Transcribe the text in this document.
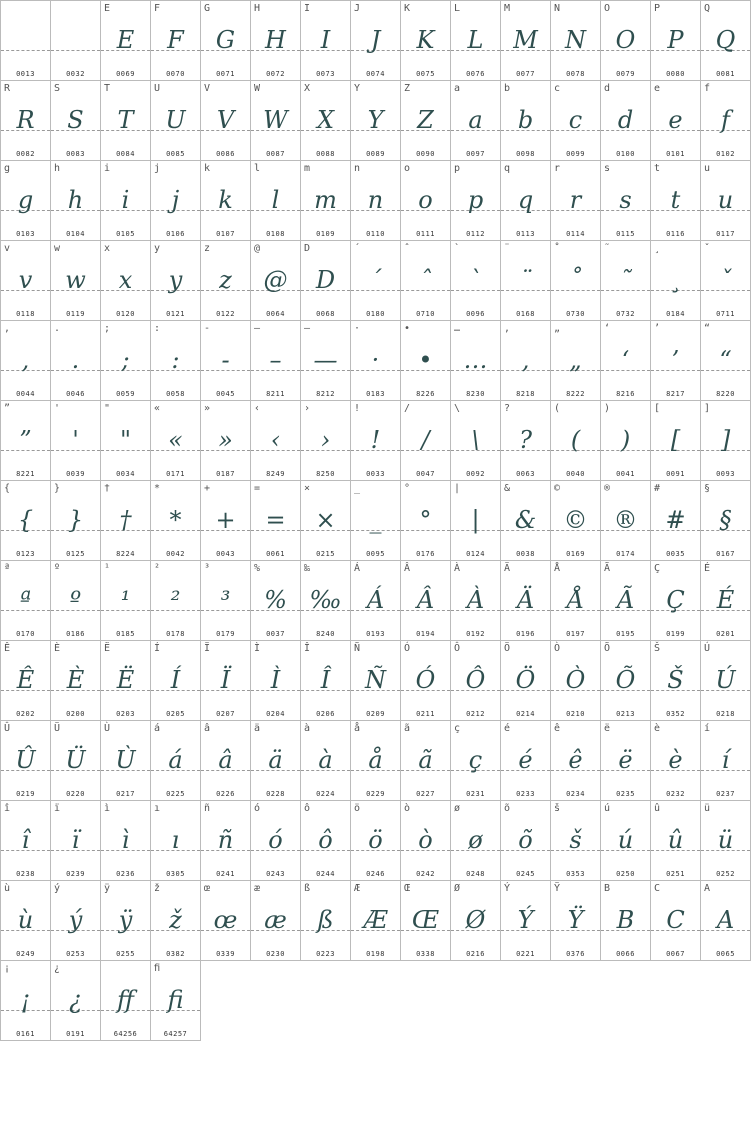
0013	0032
E
E
0069
F
F
0070
G
G
0071
H
H
0072
I
I
0073
J
J
0074
K
K
0075
L
L
0076
M
M
0077
N
N
0078
O
O
0079
P
P
0080
Q
Q
0081
R
R
0082
S
S
0083
T
T
0084
U
U
0085
V
V
0086
W
W
0087
X
X
0088
Y
Y
0089
Z
Z
0090
a
a
0097
b
b
0098
c
c
0099
d
d
0100
e
e
0101
f
f
0102
g
g
0103
h
h
0104
i
i
0105
j
j
0106
k
k
0107
l
l
0108
m
m
0109
n
n
0110
o
o
0111
p
p
0112
q
q
0113
r
r
0114
s
s
0115
t
t
0116
u
u
0117
v
v
0118
w
w
0119
x
x
0120
y
y
0121
z
z
0122
@
@
0064
D
D
0068
´
´
0180
ˆ
ˆ
0710
`
`
0096
¨
¨
0168
˚
˚
0730
˜
˜
0732
¸
¸
0184
ˇ
ˇ
0711
,
,
0044
.
.
0046
;
;
0059
:
:
0058
-
-
0045
–
–
8211
—
—
8212
·
·
0183
•
•
8226
…
…
8230
‚
‚
8218
„
„
8222
‘
‘
8216
’
’
8217
“
“
8220
”
”
8221
'
'
0039
"
"
0034
«
«
0171
»
»
0187
‹
‹
8249
›
›
8250
!
!
0033
/
/
0047
\
\
0092
?
?
0063
(
(
0040
)
)
0041
[
[
0091
]
]
0093
{
{
0123
}
}
0125
†
†
8224
*
*
0042
+
+
0043
=
=
0061
×
×
0215
_
_
0095
°
°
0176
|
|
0124
&
&
0038
©
©
0169
®
®
0174
#
#
0035
§
§
0167
ª
ª
0170
º
º
0186
¹
¹
0185
²
²
0178
³
³
0179
%
%
0037
‰
‰
8240
Á
Á
0193
Â
Â
0194
À
À
0192
Ä
Ä
0196
Å
Å
0197
Ã
Ã
0195
Ç
Ç
0199
É
É
0201
Ê
Ê
0202
È
È
0200
Ë
Ë
0203
Í
Í
0205
Ï
Ï
0207
Ì
Ì
0204
Î
Î
0206
Ñ
Ñ
0209
Ó
Ó
0211
Ô
Ô
0212
Ö
Ö
0214
Ò
Ò
0210
Õ
Õ
0213
Š
Š
0352
Ú
Ú
0218
Û
Û
0219
Ü
Ü
0220
Ù
Ù
0217
á
á
0225
â
â
0226
ä
ä
0228
à
à
0224
å
å
0229
ã
ã
0227
ç
ç
0231
é
é
0233
ê
ê
0234
ë
ë
0235
è
è
0232
í
í
0237
î
î
0238
ï
ï
0239
ì
ì
0236
ı
ı
0305
ñ
ñ
0241
ó
ó
0243
ô
ô
0244
ö
ö
0246
ò
ò
0242
ø
ø
0248
õ
õ
0245
š
š
0353
ú
ú
0250
û
û
0251
ü
ü
0252
ù
ù
0249
ý
ý
0253
ÿ
ÿ
0255
ž
ž
0382
œ
œ
0339
æ
æ
0230
ß
ß
0223
Æ
Æ
0198
Œ
Œ
0338
Ø
Ø
0216
Ý
Ý
0221
Ÿ
Ÿ
0376
B
B
0066
C
C
0067
A
A
0065
¡
¡
0161
¿
¿
0191
ff
64256
ﬁ
fi
64257
